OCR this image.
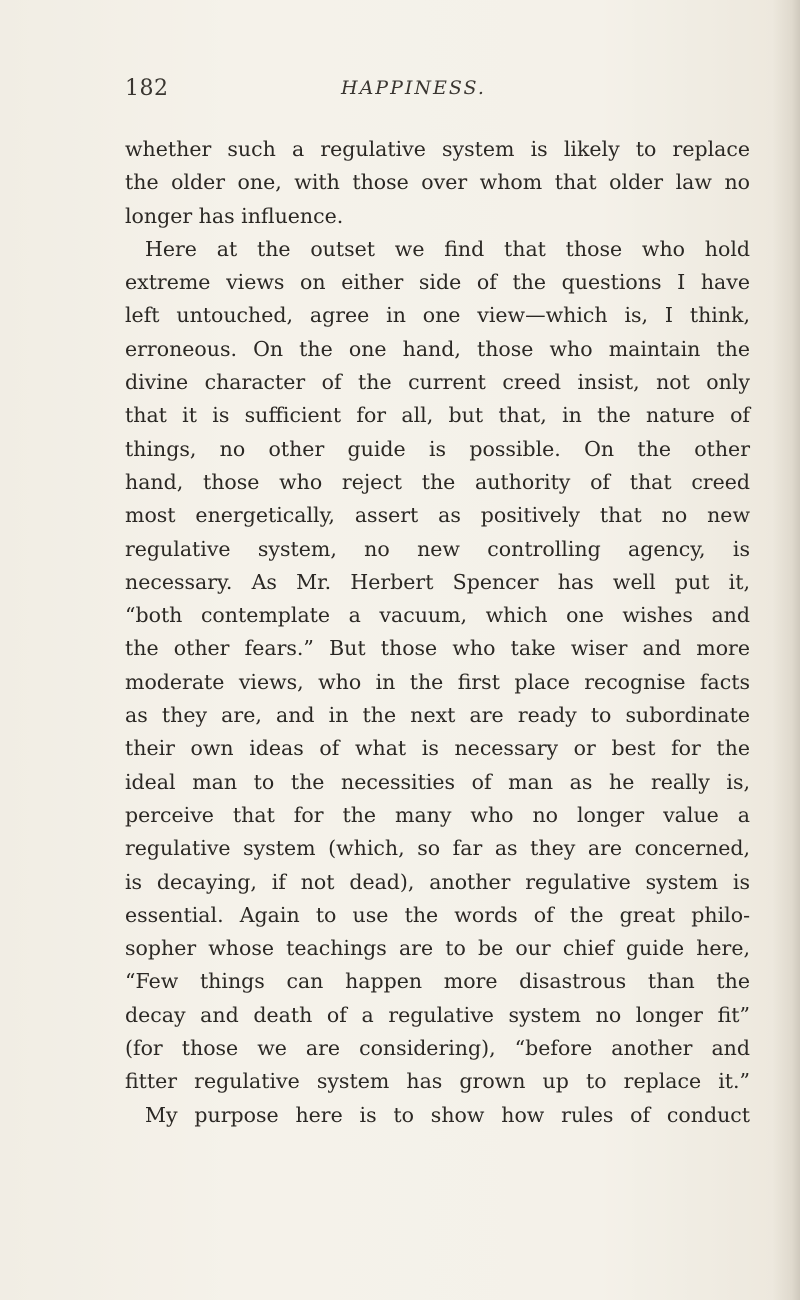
182	HAPPINESS.
whether such a regulative system is likely to replace
the older one, with those over whom that older law no
longer has influence.
Here at the outset we find that those who hold
extreme views on either side of the questions I have
left untouched, agree in one view—which is, I think,
erroneous. On the one hand, those who maintain the
divine character of the current creed insist, not only
that it is sufficient for all, but that, in the nature of
things, no other guide is possible. On the other
hand, those who reject the authority of that creed
most energetically, assert as positively that no new
regulative system, no new controlling agency, is
necessary. As Mr. Herbert Spencer has well put it,
“both contemplate a vacuum, which one wishes and
the other fears.” But those who take wiser and more
moderate views, who in the first place recognise facts
as they are, and in the next are ready to subordinate
their own ideas of what is necessary or best for the
ideal man to the necessities of man as he really is,
perceive that for the many who no longer value a
regulative system (which, so far as they are concerned,
is decaying, if not dead), another regulative system is
essential. Again to use the words of the great philo-
sopher whose teachings are to be our chief guide here,
“Few things can happen more disastrous than the
decay and death of a regulative system no longer fit”
(for those we are considering), “before another and
fitter regulative system has grown up to replace it.”
My purpose here is to show how rules of conduct
